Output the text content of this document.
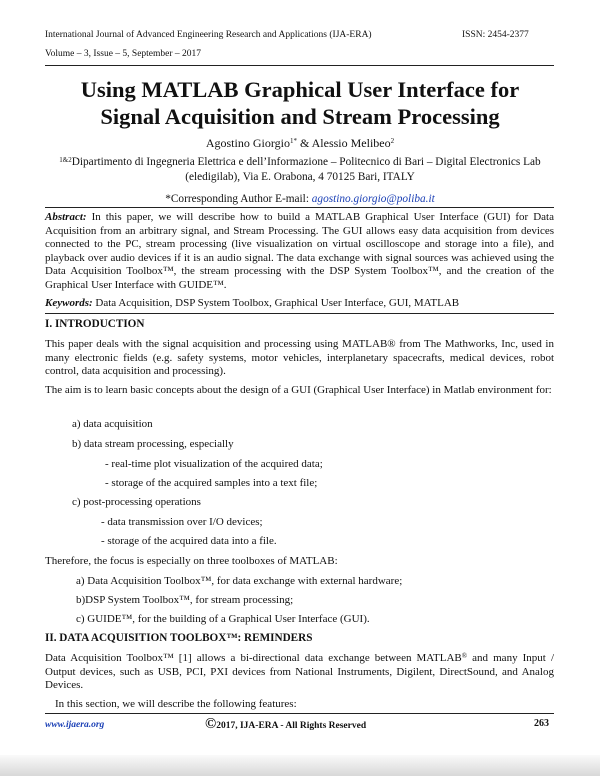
International Journal of Advanced Engineering Research and Applications (IJA-ERA)	ISSN: 2454-2377
Volume – 3, Issue – 5, September – 2017
Using MATLAB Graphical User Interface for
Signal Acquisition and Stream Processing
Agostino Giorgio$^{1*}$ & Alessio Melibeo$^2$
$^{1\&2}$Dipartimento di Ingegneria Elettrica e dell’Informazione – Politecnico di Bari – Digital Electronics Lab
(eledigilab), Via E. Orabona, 4 70125 Bari, ITALY
*Corresponding Author E-mail: agostino.giorgio@poliba.it
Abstract: In this paper, we will describe how to build a MATLAB Graphical User Interface (GUI) for Data Acquisition from an arbitrary signal, and Stream Processing. The GUI allows easy data acquisition from devices connected to the PC, stream processing (live visualization on virtual oscilloscope and storage into a file), and playback over audio devices if it is an audio signal. The data exchange with signal sources was achieved using the Data Acquisition Toolbox™, the stream processing with the DSP System Toolbox™, and the creation of the Graphical User Interface with GUIDE™.
Keywords: Data Acquisition, DSP System Toolbox, Graphical User Interface, GUI, MATLAB
I. INTRODUCTION
This paper deals with the signal acquisition and processing using MATLAB® from The Mathworks, Inc, used in many electronic fields (e.g. safety systems, motor vehicles, interplanetary spacecrafts, medical devices, robot control, data acquisition and processing).
The aim is to learn basic concepts about the design of a GUI (Graphical User Interface) in Matlab environment for:
a) data acquisition
b) data stream processing, especially
- real-time plot visualization of the acquired data;
- storage of the acquired samples into a text file;
c) post-processing operations
- data transmission over I/O devices;
- storage of the acquired data into a file.
Therefore, the focus is especially on three toolboxes of MATLAB:
a) Data Acquisition Toolbox™, for data exchange with external hardware;
b)DSP System Toolbox™, for stream processing;
c) GUIDE™, for the building of a Graphical User Interface (GUI).
II. DATA ACQUISITION TOOLBOX™: REMINDERS
Data Acquisition Toolbox™ [1] allows a bi-directional data exchange between MATLAB® and many Input / Output devices, such as USB, PCI, PXI devices from National Instruments, Digilent, DirectSound, and Analog Devices.
In this section, we will describe the following features:
www.ijaera.org	©2017, IJA-ERA - All Rights Reserved	263
